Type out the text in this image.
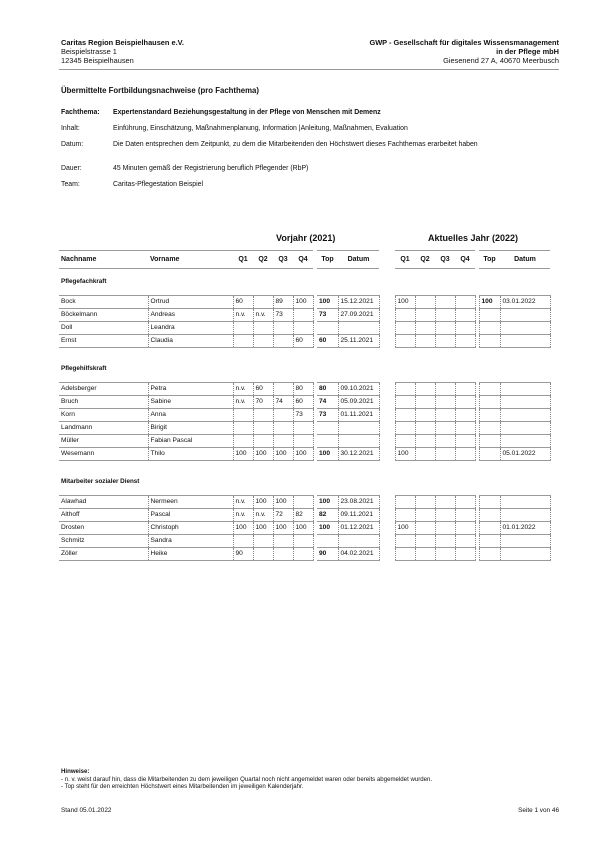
Caritas Region Beispielhausen e.V.
Beispielstrasse 1
12345 Beispielhausen
GWP - Gesellschaft für digitales Wissensmanagement
in der Pflege mbH
Giesenend 27 A, 40670 Meerbusch
Übermittelte Fortbildungsnachweise (pro Fachthema)
Fachthema: Expertenstandard Beziehungsgestaltung in der Pflege von Menschen mit Demenz
Inhalt:	Einführung, Einschätzung, Maßnahmenplanung, Information |Anleitung, Maßnahmen, Evaluation
Datum:	Die Daten entsprechen dem Zeitpunkt, zu dem die Mitarbeitenden den Höchstwert dieses Fachthemas erarbeitet haben
Dauer:	45 Minuten gemäß der Registrierung beruflich Pflegender (RbP)
Team:	Caritas-Pflegestation Beispiel
Vorjahr (2021)	Aktuelles Jahr (2022)
Nachname	Vorname	Q1	Q2	Q3	Q4		Top	Datum		Q1	Q2	Q3	Q4		Top	Datum
Pflegefachkraft																
Bock	Ortrud	60		89	100		100	15.12.2021		100					100	03.01.2022
Böckelmann	Andreas	n.v.	n.v.	73			73	27.09.2021								
Doll	Leandra															
Ernst	Claudia				60		60	25.11.2021								

Pflegehilfskraft																
Adelsberger	Petra	n.v.	60		80		80	09.10.2021								
Bruch	Sabine	n.v.	70	74	60		74	05.09.2021								
Korn	Anna				73		73	01.11.2021								
Landmann	Birigit															
Müller	Fabian Pascal															
Wesemann	Thilo	100	100	100	100		100	30.12.2021		100						05.01.2022

Mitarbeiter sozialer Dienst																
Alawhad	Nermeen	n.v.	100	100			100	23.08.2021								
Althoff	Pascal	n.v.	n.v.	72	82		82	09.11.2021								
Drosten	Christoph	100	100	100	100		100	01.12.2021		100						01.01.2022
Schmitz	Sandra															
Zöller	Heike	90					90	04.02.2021								
Hinweise:
- n. v. weist darauf hin, dass die Mitarbeitenden zu dem jeweiligen Quartal noch nicht angemeldet waren oder bereits abgemeldet wurden.
- Top steht für den erreichten Höchstwert eines Mitarbeitenden im jeweiligen Kalenderjahr.
Stand 05.01.2022	Seite 1 von 46
